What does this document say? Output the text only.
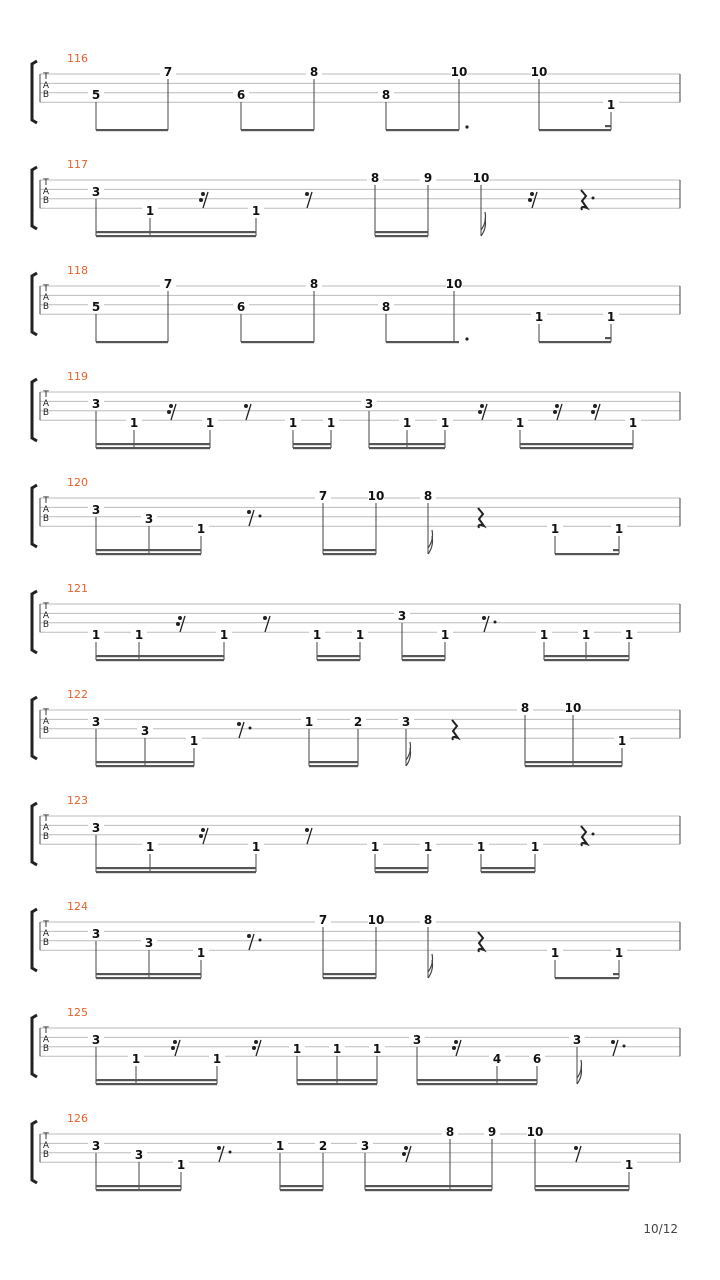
T
A
B
116
5
7
6
8
8
10	10
1
T
A
B
117
3
1	1
8	9	10
T
A
B
118
5
7
6
8
8
10
1	1
T
A
B
119
3
1	1	1 1
3
1 1	1	1
T
A
B
120
3
3
1
7	10	8
1	1
T
A
B
121
1	1	1	1	1
3
1	1	1	1
T
A
B
122
3
3
1
1	2	3
8	10
1
T
A
B
123
3
1	1	1	1	1	1
T
A
B
124
3
3
1
7	10	8
1	1
T
A
B
125
3
1	1
1	1	1
3
4	6
3
T
A
B
126
3
3
1
1	2	3
8	9	10
1
10/12
